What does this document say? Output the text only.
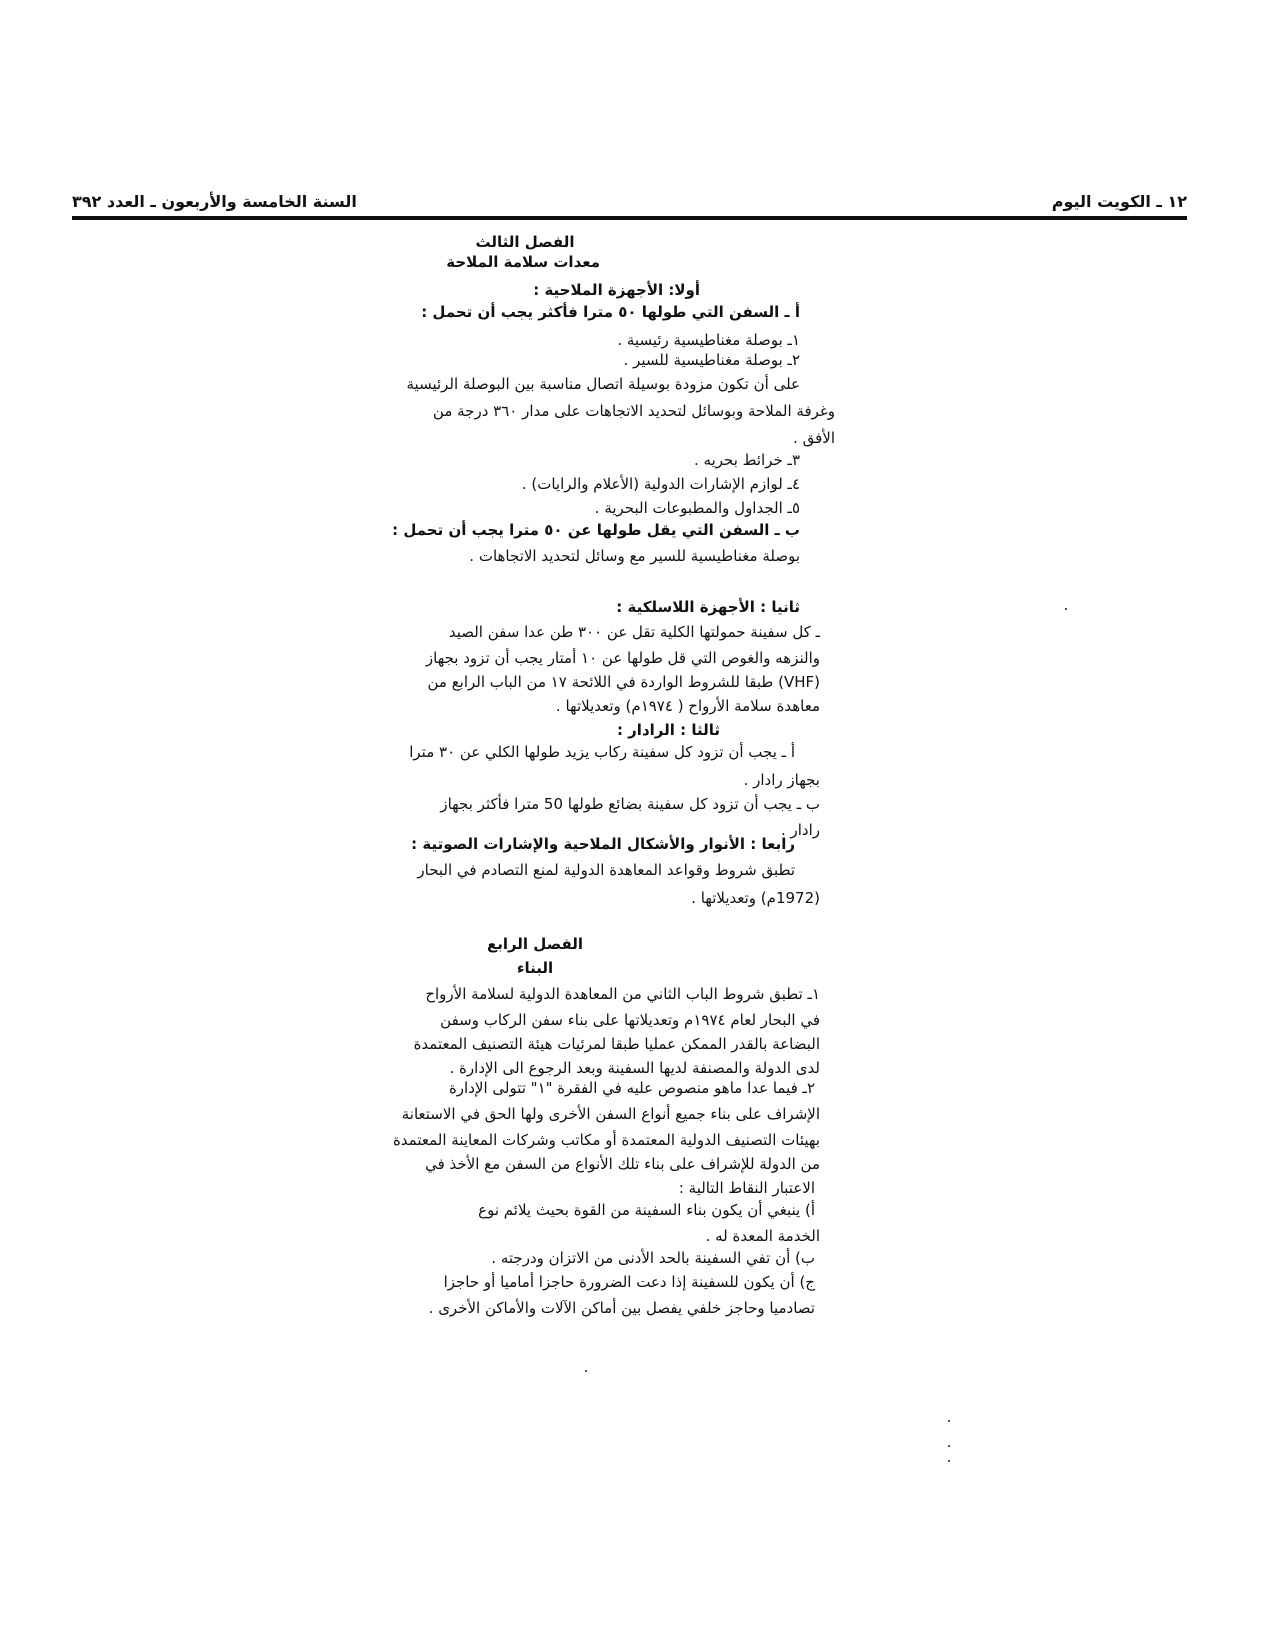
١٢ ـ الكويت اليوم
السنة الخامسة والأربعون ـ العدد ٣٩٢
الفصل الثالث
معدات سلامة الملاحة
أولا: الأجهزة الملاحية :
أ ـ السفن التي طولها ٥٠ مترا فأكثر يجب أن تحمل :
١ـ بوصلة مغناطيسية رئيسية .
٢ـ بوصلة مغناطيسية للسير .
على أن تكون مزودة بوسيلة اتصال مناسبة بين البوصلة الرئيسية
وغرفة الملاحة وبوسائل لتحديد الاتجاهات على مدار ٣٦٠ درجة من
الأفق .
٣ـ خرائط بحريه .
٤ـ لوازم الإشارات الدولية (الأعلام والرايات) .
٥ـ الجداول والمطبوعات البحرية .
ب ـ السفن التي يقل طولها عن ٥٠ مترا يجب أن تحمل :
بوصلة مغناطيسية للسير مع وسائل لتحديد الاتجاهات .
ثانيا : الأجهزة اللاسلكية :
ـ كل سفينة حمولتها الكلية تقل عن ٣٠٠ طن عدا سفن الصيد
والنزهه والغوص التي قل طولها عن ١٠ أمتار يجب أن تزود بجهاز
(VHF) طبقا للشروط الواردة في اللائحة ١٧ من الباب الرابع من
معاهدة سلامة الأرواح ( ١٩٧٤م) وتعديلاتها .
ثالثا : الرادار :
أ ـ يجب أن تزود كل سفينة ركاب يزيد طولها الكلي عن ٣٠ مترا
بجهاز رادار .
ب ـ يجب أن تزود كل سفينة بضائع طولها 50 مترا فأكثر بجهاز
رادار .
رابعا : الأنوار والأشكال الملاحية والإشارات الصوتية :
تطبق شروط وقواعد المعاهدة الدولية لمنع التصادم في البحار
(1972م) وتعديلاتها .
الفصل الرابع
البناء
١ـ تطبق شروط الباب الثاني من المعاهدة الدولية لسلامة الأرواح
في البحار لعام ١٩٧٤م وتعديلاتها على بناء سفن الركاب وسفن
البضاعة بالقدر الممكن عمليا طبقا لمرئيات هيئة التصنيف المعتمدة
لدى الدولة والمصنفة لديها السفينة وبعد الرجوع الى الإدارة .
٢ـ فيما عدا ماهو منصوص عليه في الفقرة "١" تتولى الإدارة
الإشراف على بناء جميع أنواع السفن الأخرى ولها الحق في الاستعانة
بهيئات التصنيف الدولية المعتمدة أو مكاتب وشركات المعاينة المعتمدة
من الدولة للإشراف على بناء تلك الأنواع من السفن مع الأخذ في
الاعتبار النقاط التالية :
أ) ينبغي أن يكون بناء السفينة من القوة بحيث يلائم نوع
الخدمة المعدة له .
ب) أن تفي السفينة بالحد الأدنى من الاتزان ودرجته .
ج) أن يكون للسفينة إذا دعت الضرورة حاجزا أماميا أو حاجزا
تصادميا وحاجز خلفي يفصل بين أماكن الآلات والأماكن الأخرى .
